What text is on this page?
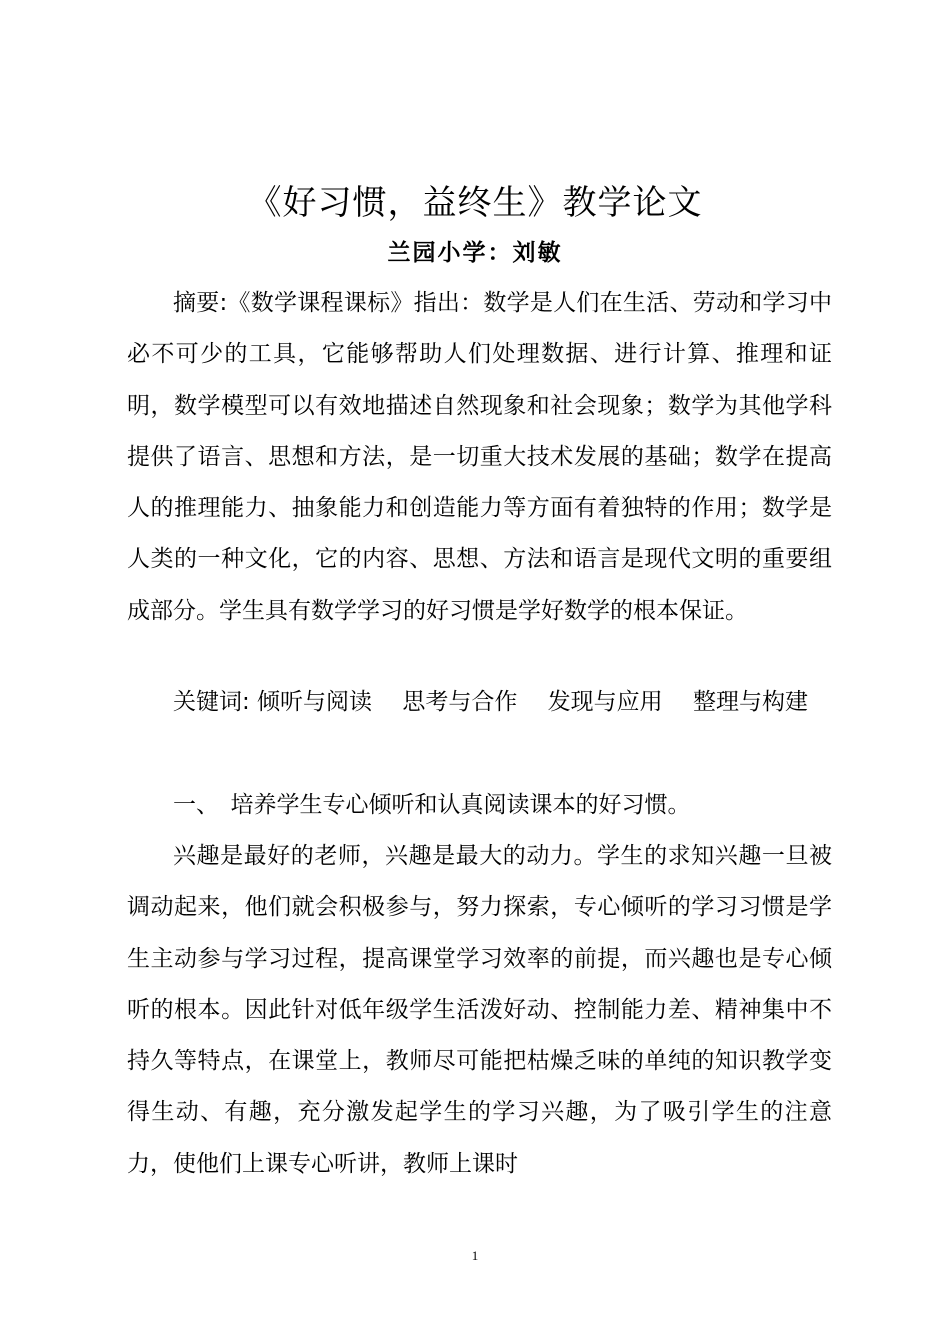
《好习惯，益终生》教学论文
兰园小学：刘敏

摘要:《数学课程课标》指出：数学是人们在生活、劳动和学习中必不可少的工具，它能够帮助人们处理数据、进行计算、推理和证明，数学模型可以有效地描述自然现象和社会现象；数学为其他学科提供了语言、思想和方法，是一切重大技术发展的基础；数学在提高人的推理能力、抽象能力和创造能力等方面有着独特的作用；数学是人类的一种文化，它的内容、思想、方法和语言是现代文明的重要组成部分。学生具有数学学习的好习惯是学好数学的根本保证。

关键词: 倾听与阅读　 思考与合作　 发现与应用　 整理与构建

一、　培养学生专心倾听和认真阅读课本的好习惯。

兴趣是最好的老师，兴趣是最大的动力。学生的求知兴趣一旦被调动起来，他们就会积极参与，努力探索，专心倾听的学习习惯是学生主动参与学习过程，提高课堂学习效率的前提，而兴趣也是专心倾听的根本。因此针对低年级学生活泼好动、控制能力差、精神集中不持久等特点，在课堂上，教师尽可能把枯燥乏味的单纯的知识教学变得生动、有趣，充分激发起学生的学习兴趣，为了吸引学生的注意力，使他们上课专心听讲，教师上课时

1
